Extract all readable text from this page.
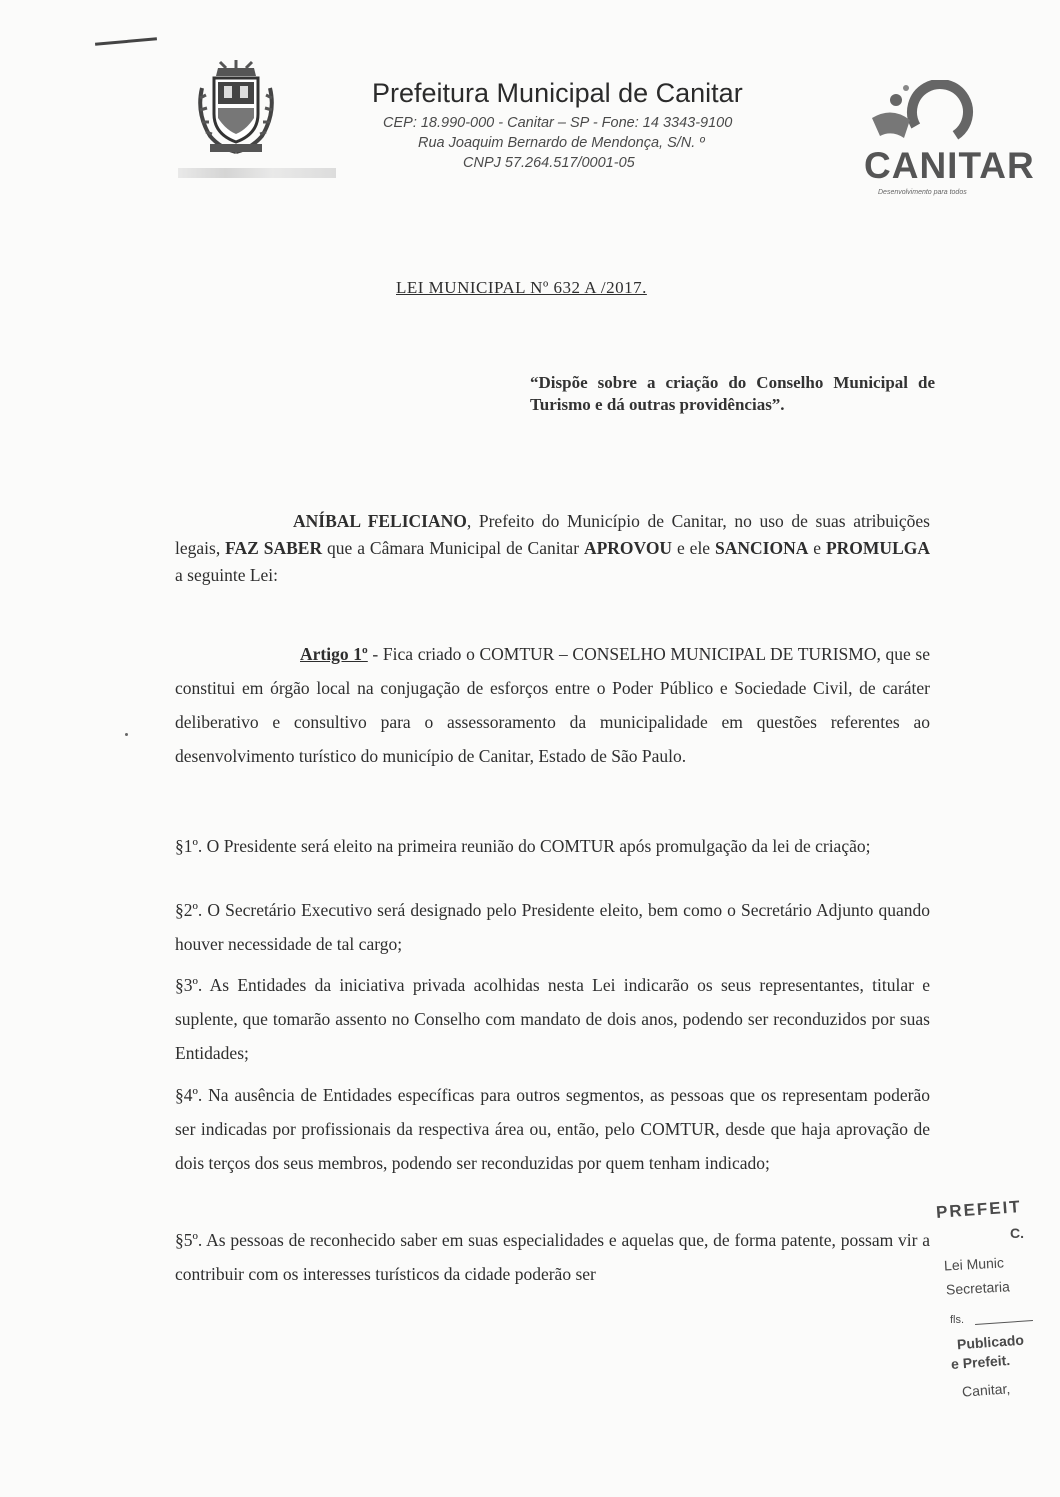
Prefeitura Municipal de Canitar
CEP: 18.990-000 - Canitar – SP - Fone: 14 3343-9100
Rua Joaquim Bernardo de Mendonça, S/N. º
CNPJ 57.264.517/0001-05	CANITAR
Desenvolvimento para todos
LEI MUNICIPAL Nº 632 A /2017.
“Dispõe sobre a criação do Conselho Municipal de Turismo e dá outras providências”.
ANÍBAL FELICIANO, Prefeito do Município de Canitar, no uso de suas atribuições legais, FAZ SABER que a Câmara Municipal de Canitar APROVOU e ele SANCIONA e PROMULGA a seguinte Lei:
Artigo 1º - Fica criado o COMTUR – CONSELHO MUNICIPAL DE TURISMO, que se constitui em órgão local na conjugação de esforços entre o Poder Público e Sociedade Civil, de caráter deliberativo e consultivo para o assessoramento da municipalidade em questões referentes ao desenvolvimento turístico do município de Canitar, Estado de São Paulo.
§1º. O Presidente será eleito na primeira reunião do COMTUR após promulgação da lei de criação;
§2º. O Secretário Executivo será designado pelo Presidente eleito, bem como o Secretário Adjunto quando houver necessidade de tal cargo;
§3º. As Entidades da iniciativa privada acolhidas nesta Lei indicarão os seus representantes, titular e suplente, que tomarão assento no Conselho com mandato de dois anos, podendo ser reconduzidos por suas Entidades;
§4º. Na ausência de Entidades específicas para outros segmentos, as pessoas que os representam poderão ser indicadas por profissionais da respectiva área ou, então, pelo COMTUR, desde que haja aprovação de dois terços dos seus membros, podendo ser reconduzidas por quem tenham indicado;
§5º. As pessoas de reconhecido saber em suas especialidades e aquelas que, de forma patente, possam vir a contribuir com os interesses turísticos da cidade poderão ser
PREFEIT
C.
Lei Munic
Secretaria
fls.
Publicado
e Prefeit.
Canitar,
